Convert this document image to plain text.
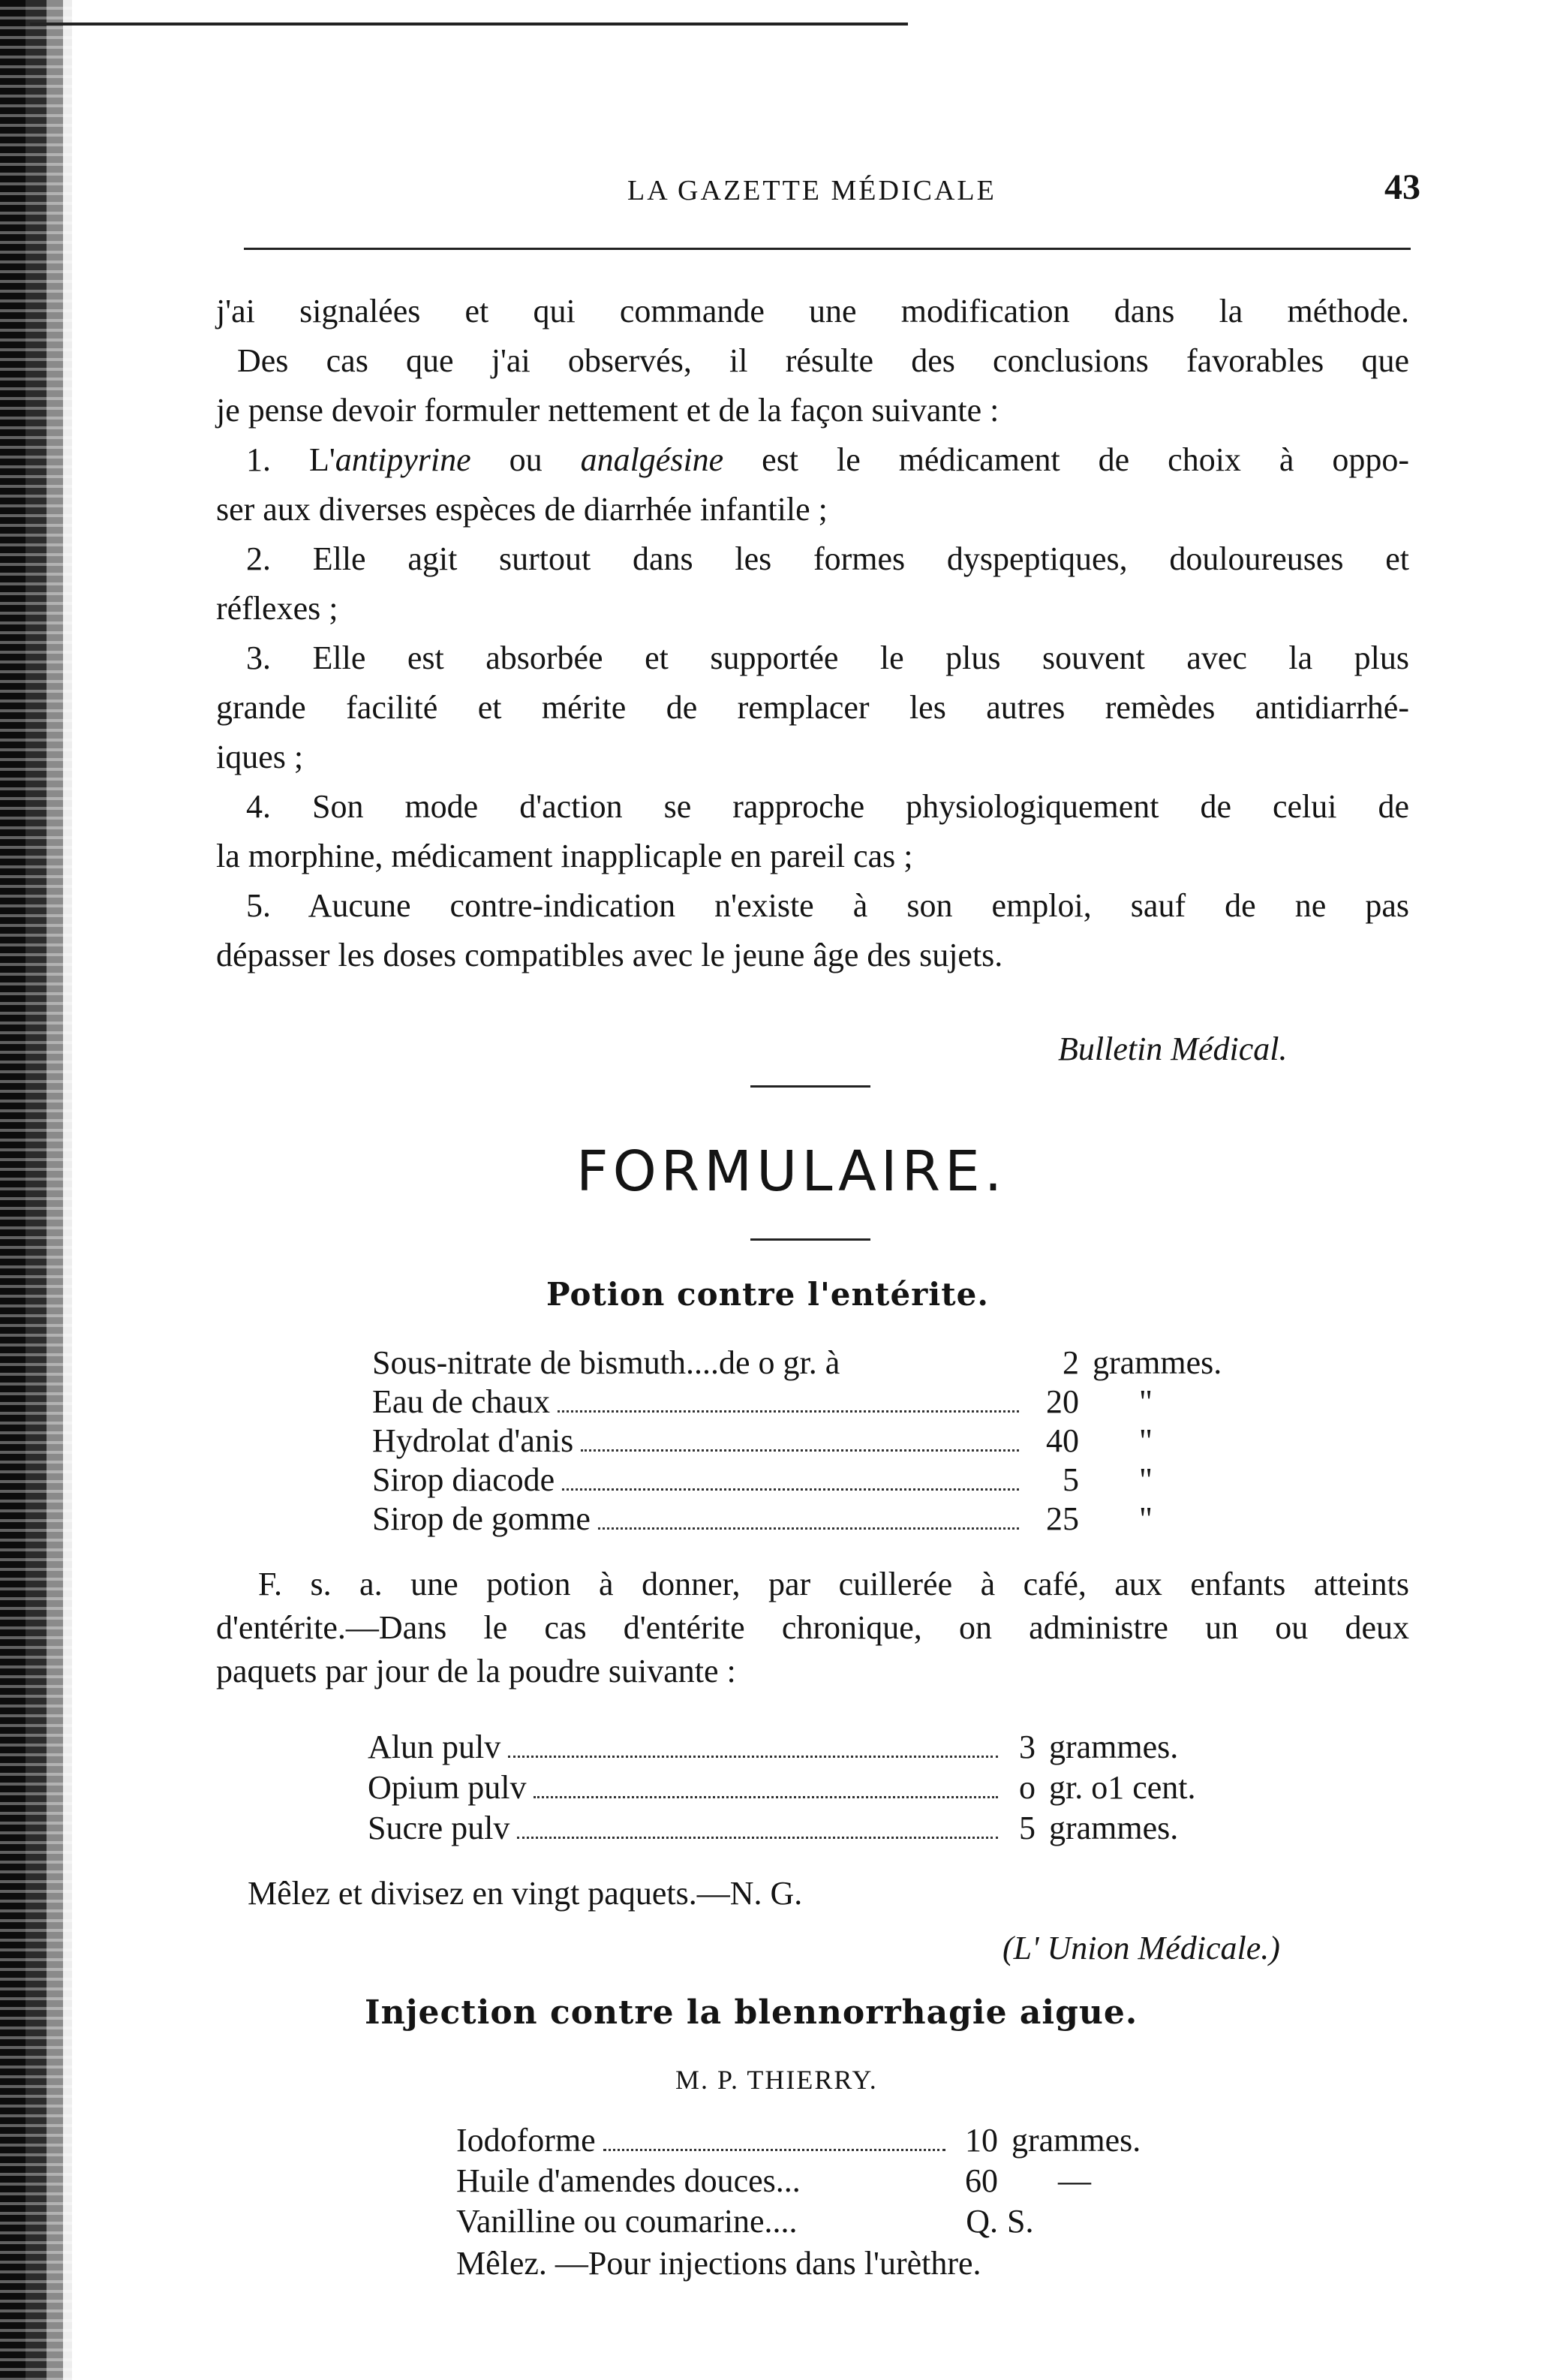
LA GAZETTE MÉDICALE	43
j'ai signalées et qui commande une modification dans la méthode.
Des cas que j'ai observés, il résulte des conclusions favorables que
je pense devoir formuler nettement et de la façon suivante :
1. L'antipyrine ou analgésine est le médicament de choix à oppo-
ser aux diverses espèces de diarrhée infantile ;
2. Elle agit surtout dans les formes dyspeptiques, douloureuses et
réflexes ;
3. Elle est absorbée et supportée le plus souvent avec la plus
grande facilité et mérite de remplacer les autres remèdes antidiarrhé-
iques ;
4. Son mode d'action se rapproche physiologiquement de celui de
la morphine, médicament inapplicaple en pareil cas ;
5. Aucune contre-indication n'existe à son emploi, sauf de ne pas
dépasser les doses compatibles avec le jeune âge des sujets.
Bulletin Médical.
FORMULAIRE.
Potion contre l'entérite.
Sous-nitrate de bismuth....de o gr. à	2 grammes.
Eau de chaux	20 "
Hydrolat d'anis	40 "
Sirop diacode	5 "
Sirop de gomme	25 "
F. s. a. une potion à donner, par cuillerée à café, aux enfants atteints
d'entérite.—Dans le cas d'entérite chronique, on administre un ou deux
paquets par jour de la poudre suivante :
Alun pulv	3 grammes.
Opium pulv	o gr. o1 cent.
Sucre pulv	5 grammes.
Mêlez et divisez en vingt paquets.—N. G.
(L' Union Médicale.)
Injection contre la blennorrhagie aigue.
M. P. THIERRY.
Iodoforme	10 grammes.
Huile d'amendes douces...	60 —
Vanilline ou coumarine....	Q. S.
Mêlez. —Pour injections dans l'urèthre.
